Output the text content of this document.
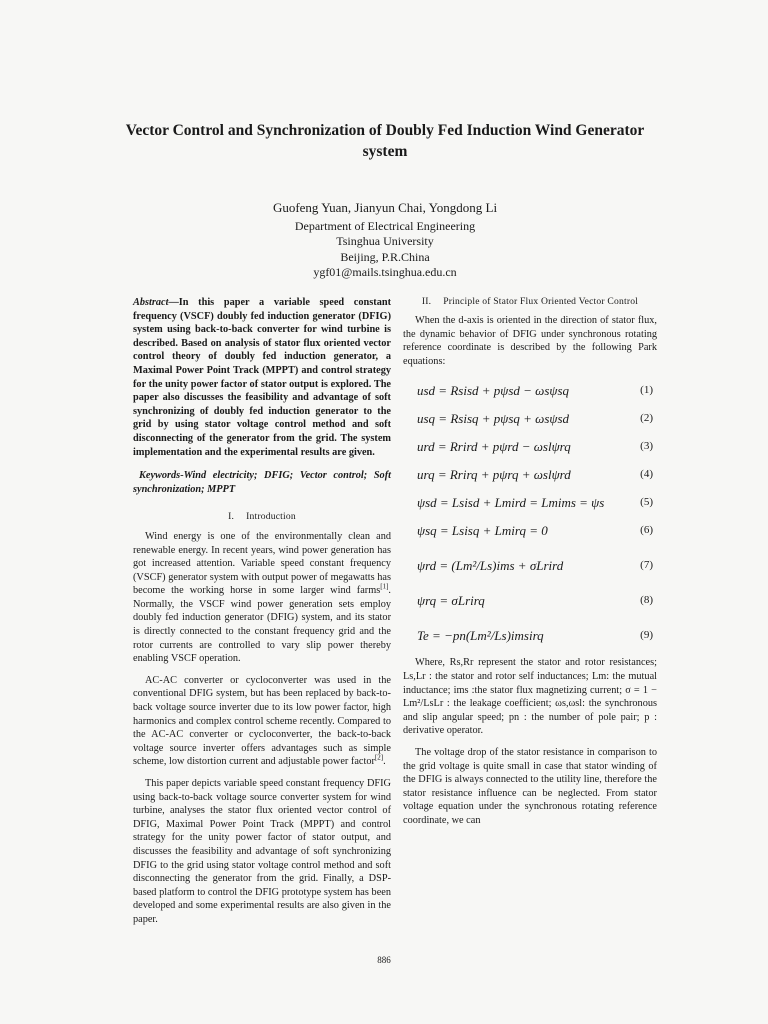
Vector Control and Synchronization of Doubly Fed Induction Wind Generator system
Guofeng Yuan, Jianyun Chai, Yongdong Li
Department of Electrical Engineering
Tsinghua University
Beijing, P.R.China
ygf01@mails.tsinghua.edu.cn

Abstract—In this paper a variable speed constant frequency (VSCF) doubly fed induction generator (DFIG) system using back-to-back converter for wind turbine is described. Based on analysis of stator flux oriented vector control theory of doubly fed induction generator, a Maximal Power Point Track (MPPT) and control strategy for the unity power factor of stator output is explored. The paper also discusses the feasibility and advantage of soft synchronizing of doubly fed induction generator to the grid by using stator voltage control method and soft disconnecting of the generator from the grid. The system implementation and the experimental results are given.

Keywords-Wind electricity; DFIG; Vector control; Soft synchronization; MPPT

I. Introduction

Wind energy is one of the environmentally clean and renewable energy. In recent years, wind power generation has got increased attention. Variable speed constant frequency (VSCF) generator system with output power of megawatts has become the working horse in some larger wind farms[1]. Normally, the VSCF wind power generation sets employ doubly fed induction generator (DFIG) system, and its stator is directly connected to the constant frequency grid and the rotor currents are controlled to vary slip power thereby enabling VSCF operation.

AC-AC converter or cycloconverter was used in the conventional DFIG system, but has been replaced by back-to-back voltage source inverter due to its low power factor, high harmonics and complex control scheme recently. Compared to the AC-AC converter or cycloconverter, the back-to-back voltage source inverter offers advantages such as simple scheme, low distortion current and adjustable power factor[2].

This paper depicts variable speed constant frequency DFIG using back-to-back voltage source converter system for wind turbine, analyses the stator flux oriented vector control of DFIG, Maximal Power Point Track (MPPT) and control strategy for the unity power factor of stator output, and discusses the feasibility and advantage of soft synchronizing DFIG to the grid using stator voltage control method and soft disconnecting the generator from the grid. Finally, a DSP-based platform to control the DFIG prototype system has been developed and some experimental results are also given in the paper.

II. Principle of Stator Flux Oriented Vector Control

When the d-axis is oriented in the direction of stator flux, the dynamic behavior of DFIG under synchronous rotating reference coordinate is described by the following Park equations:

usd = Rsisd + pψsd − ωsψsq	(1)
usq = Rsisq + pψsq + ωsψsd	(2)
urd = Rrird + pψrd − ωslψrq	(3)
urq = Rrirq + pψrq + ωslψrd	(4)
ψsd = Lsisd + Lmird = Lmims = ψs	(5)
ψsq = Lsisq + Lmirq = 0	(6)
ψrd = (Lm²/Ls)ims + σLrird	(7)
ψrq = σLrirq	(8)
Te = −pn(Lm²/Ls)imsirq	(9)

Where, Rs,Rr represent the stator and rotor resistances; Ls,Lr : the stator and rotor self inductances; Lm: the mutual inductance; ims :the stator flux magnetizing current; σ = 1 − Lm²/LsLr : the leakage coefficient; ωs,ωsl: the synchronous and slip angular speed; pn : the number of pole pair; p : derivative operator.

The voltage drop of the stator resistance in comparison to the grid voltage is quite small in case that stator winding of the DFIG is always connected to the utility line, therefore the stator resistance influence can be neglected. From stator voltage equation under the synchronous rotating reference coordinate, we can

886
